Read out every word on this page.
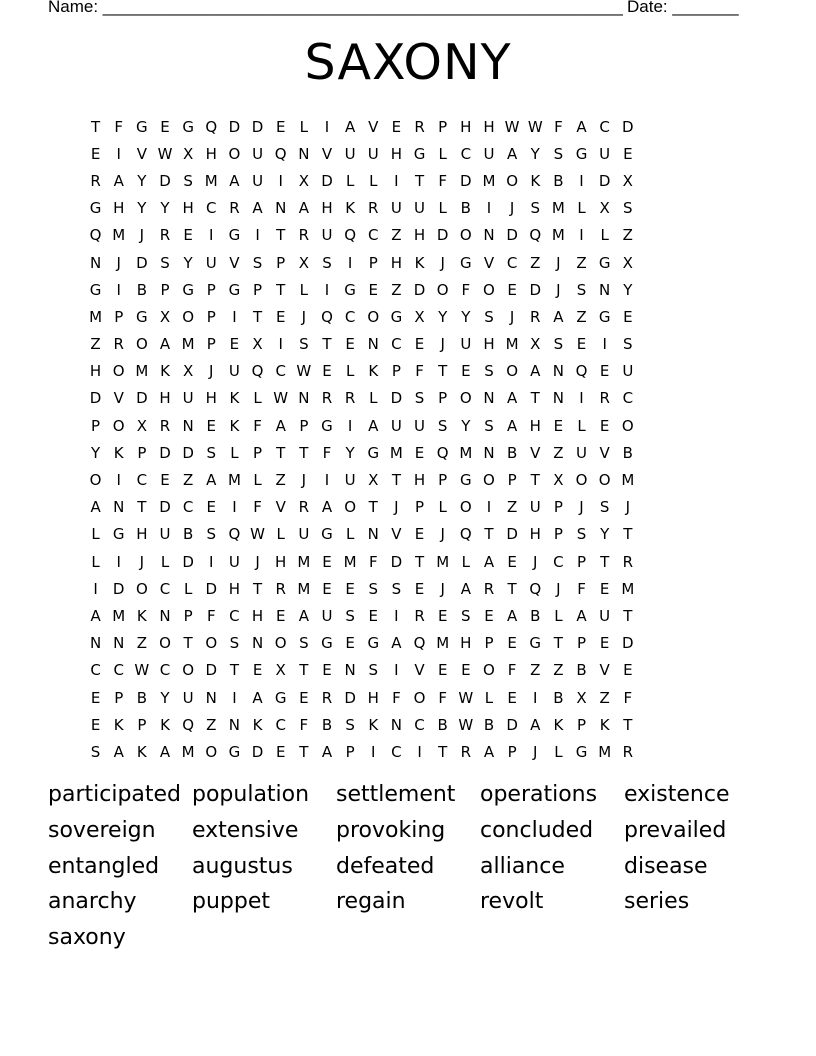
Name: _______________________________________________________ Date: _______
SAXONY
T F G E G Q D D E L	I	A V E R P H H W W F A C D
E	I	V W X H O U Q N V U U H G L C U A Y S G U E
R A Y D S M A U	I	X D L L	I	T F D M O K B	I	D X
G H Y Y H C R A N A H K R U U L B	I	J	S M L X S
Q M J	R E	I	G	I	T R U Q C Z H D O N D Q M I	L Z
N	J	D S Y U V S P X S	I	P H K	J	G V C Z	J	Z G X
G	I	B P G P G P T L	I	G E Z D O F O E D	J	S N Y
M P G X O P	I	T E	J	Q C O G X Y Y S	J	R A Z G E
Z R O A M P E X	I	S T E N C E	J	U H M X S E	I	S
H O M K X	J	U Q C W E L K P F T E S O A N Q E U
D V D H U H K L W N R R L D S P O N A T N	I	R C
P O X R N E K F A P G	I	A U U S Y S A H E L E O
Y K P D D S L P T T F Y G M E Q M N B V Z U V B
O	I	C E Z A M L Z	J	I	U X T H P G O P T X O O M
A N T D C E	I	F V R A O T	J	P L O	I	Z U P	J	S	J
L G H U B S Q W L U G L N V E	J	Q T D H P S Y T
L	I	J	L D	I	U	J	H M E M F D T M L A E	J	C P T R
I	D O C L D H T R M E E S S E	J	A R T Q	J	F E M
A M K N P F C H E A U S E	I	R E S E A B L A U T
N N Z O T O S N O S G E G A Q M H P E G T P E D
C C W C O D T E X T E N S	I	V E E O F Z Z B V E
E P B Y U N	I	A G E R D H F O F W L E	I	B X Z F
E K P K Q Z N K C F B S K N C B W B D A K P K T
S A K A M O G D E T A P	I	C	I	T R A P	J	L G M R
participated population	settlement	operations	existence
sovereign	extensive	provoking	concluded	prevailed
entangled	augustus	defeated	alliance	disease
anarchy	puppet	regain	revolt	series
saxony
